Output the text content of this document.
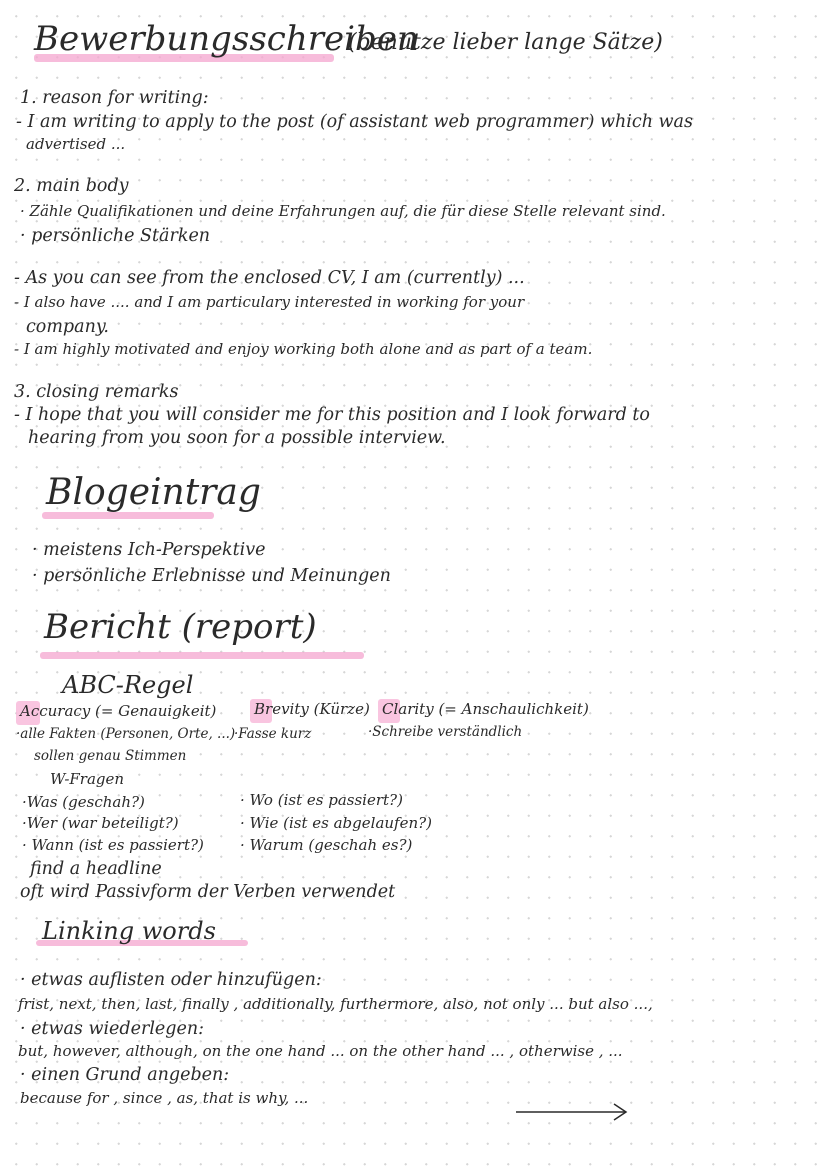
Bewerbungsschreiben
(benutze lieber lange Sätze)
1. reason for writing:
- I am writing to apply to the post (of assistant web programmer) which was
advertised ...
2. main body
· Zähle Qualifikationen und deine Erfahrungen auf, die für diese Stelle relevant sind.
· persönliche Stärken
- As you can see from the enclosed CV, I am (currently) ...
- I also have .... and I am particulary interested in working for your
company.
- I am highly motivated and enjoy working both alone and as part of a team.
3. closing remarks
- I hope that you will consider me for this position and I look forward to
hearing from you soon for a possible interview.
Blogeintrag
· meistens Ich-Perspektive
· persönliche Erlebnisse und Meinungen
Bericht (report)
ABC-Regel
Accuracy (= Genauigkeit)	Brevity (Kürze) Clarity (= Anschaulichkeit)
·alle Fakten (Personen, Orte, ...)
·Fasse kurz	·Schreibe verständlich
sollen genau Stimmen
W-Fragen
·Was (geschah?)
·Wer (war beteiligt?)
· Wann (ist es passiert?)
· Wo (ist es passiert?)
· Wie (ist es abgelaufen?)
· Warum (geschah es?)
find a headline
oft wird Passivform der Verben verwendet
Linking words
· etwas auflisten oder hinzufügen:
frist, next, then, last, finally , additionally, furthermore, also, not only ... but also ...,
· etwas wiederlegen:
but, however, although, on the one hand ... on the other hand ... , otherwise , ...
· einen Grund angeben:
because for , since , as, that is why, ...
